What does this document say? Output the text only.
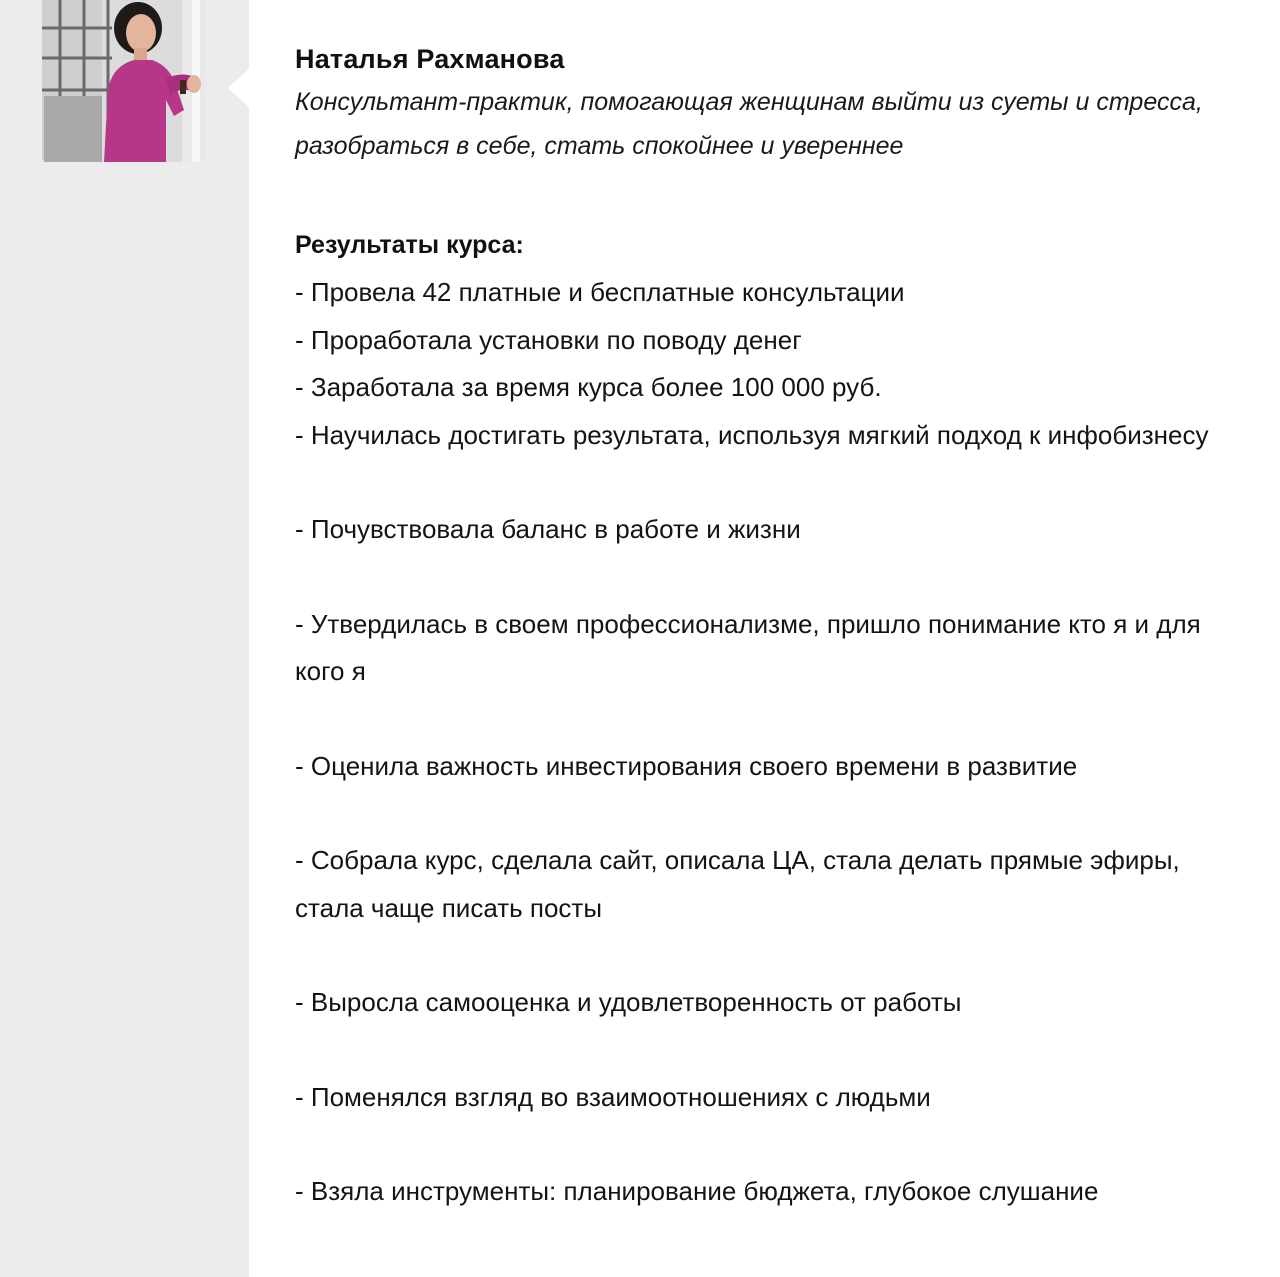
Наталья Рахманова

Консультант-практик, помогающая женщинам выйти из суеты и стресса, разобраться в себе, стать спокойнее и увереннее

Результаты курса:
- Провела 42 платные и бесплатные консультации
- Проработала установки по поводу денег
- Заработала за время курса более 100 000 руб.
- Научилась достигать результата, используя мягкий подход к инфобизнесу
- Почувствовала баланс в работе и жизни
- Утвердилась в своем профессионализме, пришло понимание кто я и для кого я
- Оценила важность инвестирования своего времени в развитие
- Собрала курс, сделала сайт, описала ЦА, стала делать прямые эфиры, стала чаще писать посты
- Выросла самооценка и удовлетворенность от работы
- Поменялся взгляд во взаимоотношениях с людьми
- Взяла инструменты: планирование бюджета, глубокое слушание
